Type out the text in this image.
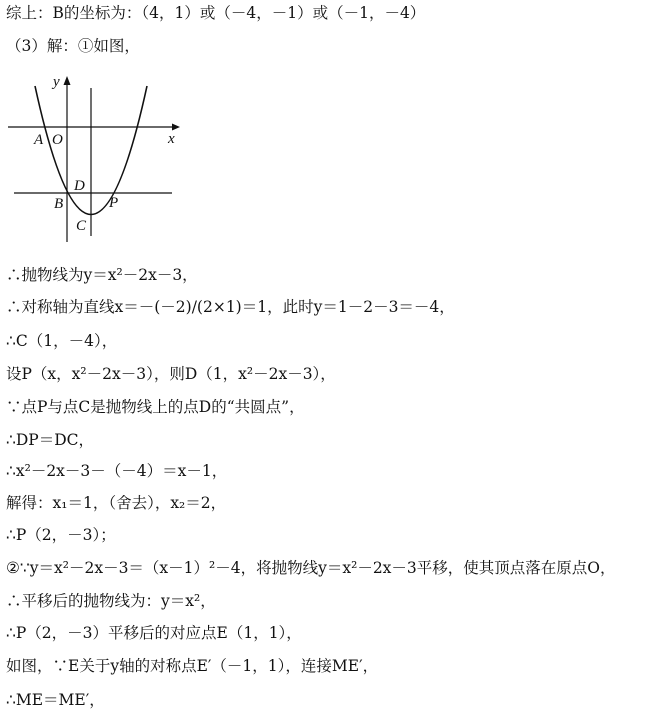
综上：B的坐标为：（4，1）或（－4，－1）或（－1，－4）
（3）解：①如图，
y
x
A O
D
B	P
C
∴抛物线为y＝x²－2x－3，
∴对称轴为直线x＝－(－2)/(2×1)＝1，此时y＝1－2－3＝－4，
∴C（1，－4），
设P（x，x²－2x－3），则D（1，x²－2x－3），
∵点P与点C是抛物线上的点D的“共圆点”，
∴DP＝DC，
∴x²－2x－3－（－4）＝x－1，
解得：x₁＝1，（舍去），x₂＝2，
∴P（2，－3）；
②∵y＝x²－2x－3＝（x－1）²－4，将抛物线y＝x²－2x－3平移，使其顶点落在原点O，
∴平移后的抛物线为：y＝x²，
∴P（2，－3）平移后的对应点E（1，1），
如图，∵E关于y轴的对称点E′（－1，1），连接ME′，
∴ME＝ME′，
